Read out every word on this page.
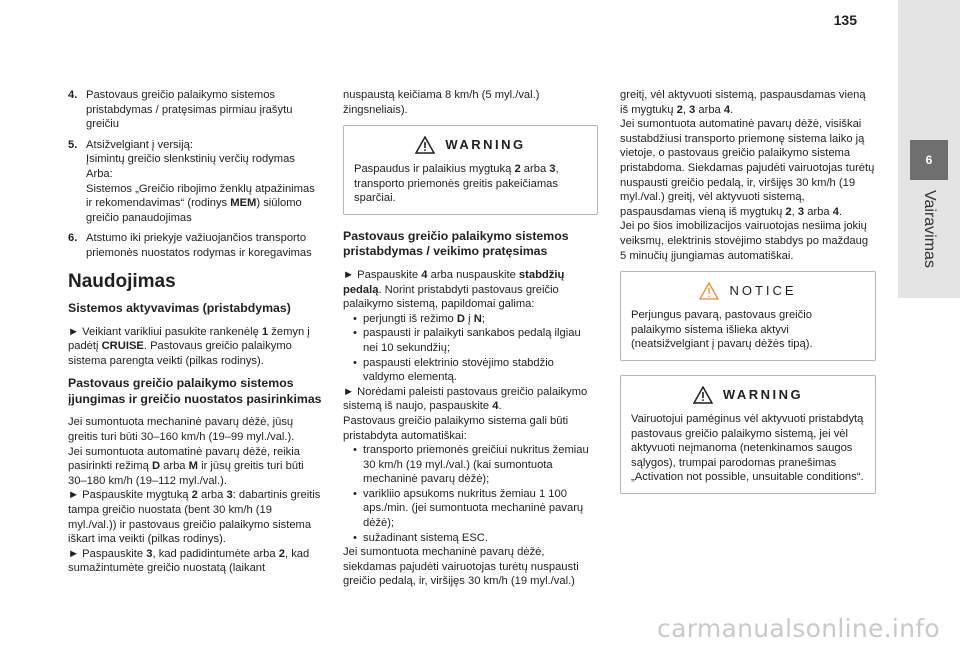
135
6
Vairavimas
4. Pastovaus greičio palaikymo sistemos pristabdymas / pratęsimas pirmiau įrašytu greičiu
5. Atsižvelgiant į versiją:
Įsimintų greičio slenkstinių verčių rodymas
Arba:
Sistemos „Greičio ribojimo ženklų atpažinimas ir rekomendavimas“ (rodinys MEM) siūlomo greičio panaudojimas
6. Atstumo iki priekyje važiuojančios transporto priemonės nuostatos rodymas ir koregavimas
Naudojimas
Sistemos aktyvavimas (pristabdymas)

► Veikiant varikliui pasukite rankenėlę 1 žemyn į padėtį CRUISE. Pastovaus greičio palaikymo sistema parengta veikti (pilkas rodinys).

Pastovaus greičio palaikymo sistemos įjungimas ir greičio nuostatos pasirinkimas

Jei sumontuota mechaninė pavarų dėžė, jūsų greitis turi būti 30–160 km/h (19–99 myl./val.).
Jei sumontuota automatinė pavarų dėžė, reikia pasirinkti režimą D arba M ir jūsų greitis turi būti 30–180 km/h (19–112 myl./val.).
► Paspauskite mygtuką 2 arba 3: dabartinis greitis tampa greičio nuostata (bent 30 km/h (19 myl./val.)) ir pastovaus greičio palaikymo sistema iškart ima veikti (pilkas rodinys).
► Paspauskite 3, kad padidintumėte arba 2, kad sumažintumėte greičio nuostatą (laikant

nuspaustą keičiama 8 km/h (5 myl./val.) žingsneliais).

WARNING

Paspaudus ir palaikius mygtuką 2 arba 3, transporto priemonės greitis pakeičiamas sparčiai.

Pastovaus greičio palaikymo sistemos pristabdymas / veikimo pratęsimas

► Paspauskite 4 arba nuspauskite stabdžių pedalą. Norint pristabdyti pastovaus greičio palaikymo sistemą, papildomai galima:

• perjungti iš režimo D į N;
• paspausti ir palaikyti sankabos pedalą ilgiau nei 10 sekundžių;
• paspausti elektrinio stovėjimo stabdžio valdymo elementą.

► Norėdami paleisti pastovaus greičio palaikymo sistemą iš naujo, paspauskite 4.
Pastovaus greičio palaikymo sistema gali būti pristabdyta automatiškai:

• transporto priemonės greičiui nukritus žemiau 30 km/h (19 myl./val.) (kai sumontuota mechaninė pavarų dėžė);
• varikliio apsukoms nukritus žemiau 1 100 aps./min. (jei sumontuota mechaninė pavarų dėžė);
• sužadinant sistemą ESC.

Jei sumontuota mechaninė pavarų dėžė, siekdamas pajudėti vairuotojas turėtų nuspausti greičio pedalą, ir, viršijęs 30 km/h (19 myl./val.)

greitį, vėl aktyvuoti sistemą, paspausdamas vieną iš mygtukų 2, 3 arba 4.
Jei sumontuota automatinė pavarų dėžė, visiškai sustabdžiusi transporto priemonę sistema laiko ją vietoje, o pastovaus greičio palaikymo sistema pristabdoma. Siekdamas pajudėti vairuotojas turėtų nuspausti greičio pedalą, ir, viršijęs 30 km/h (19 myl./val.) greitį, vėl aktyvuoti sistemą, paspausdamas vieną iš mygtukų 2, 3 arba 4.
Jei po šios imobilizacijos vairuotojas nesiima jokių veiksmų, elektrinis stovėjimo stabdys po maždaug 5 minučių įjungiamas automatiškai.

NOTICE

Perjungus pavarą, pastovaus greičio palaikymo sistema išlieka aktyvi (neatsižvelgiant į pavarų dėžės tipą).

WARNING

Vairuotojui paméginus vėl aktyvuoti pristabdytą pastovaus greičio palaikymo sistemą, jei vėl aktyvuoti neįmanoma (netenkinamos saugos sąlygos), trumpai parodomas pranešimas „Activation not possible, unsuitable conditions“.

carmanualsonline.info
